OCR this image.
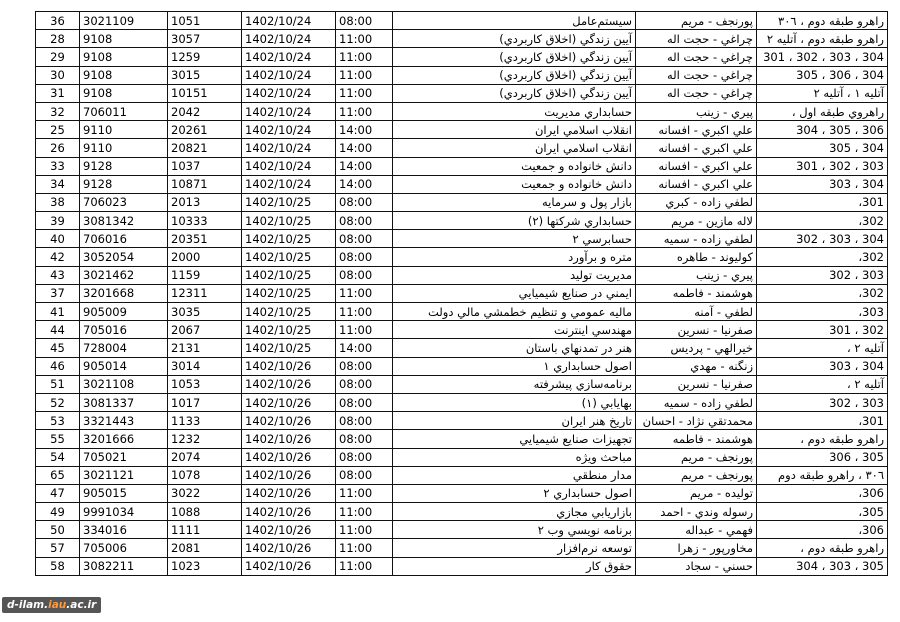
36	3021109	1051	1402/10/24	08:00	سيستم‌عامل	پورنجف - مريم	راهرو طبقه دوم ، ٣٠٦
28	9108	3057	1402/10/24	11:00	آيين زندگي (اخلاق کاربردي)	چراغي - حجت اله	راهرو طبقه دوم ، آتليه ٢
29	9108	1259	1402/10/24	11:00	آيين زندگي (اخلاق کاربردي)	چراغي - حجت اله	304 ، 303 ، 302 ، 301
30	9108	3015	1402/10/24	11:00	آيين زندگي (اخلاق کاربردي)	چراغي - حجت اله	304 ، 306 ، 305
31	9108	10151	1402/10/24	11:00	آيين زندگي (اخلاق کاربردي)	چراغي - حجت اله	آتليه ١ ، آتليه ٢
32	706011	2042	1402/10/24	11:00	حسابداري مديريت	پيري - زينب	راهروي طبقه اول ،
25	9110	20261	1402/10/24	14:00	انقلاب اسلامي ايران	علي اکبري - افسانه	306 ، 305 ، 304
26	9110	20821	1402/10/24	14:00	انقلاب اسلامي ايران	علي اکبري - افسانه	304 ، 305
33	9128	1037	1402/10/24	14:00	دانش خانواده و جمعيت	علي اکبري - افسانه	303 ، 302 ، 301
34	9128	10871	1402/10/24	14:00	دانش خانواده و جمعيت	علي اکبري - افسانه	304 ، 303
38	706023	2013	1402/10/25	08:00	بازار پول و سرمايه	لطفي زاده - کبري	301،
39	3081342	10333	1402/10/25	08:00	حسابداري شرکتها (٢)	لاله مازين - مريم	302،
40	706016	20351	1402/10/25	08:00	حسابرسي ٢	لطفي زاده - سميه	304 ، 303 ، 302
42	3052054	2000	1402/10/25	08:00	متره و برآورد	کوليوند - طاهره	302،
43	3021462	1159	1402/10/25	08:00	مديريت توليد	پيري - زينب	303 ، 302
37	3201668	12311	1402/10/25	11:00	ايمني در صنايع شيميايي	هوشمند - فاطمه	302،
41	905009	3035	1402/10/25	11:00	ماليه عمومي و تنظيم خطمشي مالي دولت	لطفي - آمنه	303،
44	705016	2067	1402/10/25	11:00	مهندسي اينترنت	صفرنيا - نسرين	302 ، 301
45	728004	2131	1402/10/25	14:00	هنر در تمدنهاي باستان	خيرالهي - پرديس	آتليه ٢ ،
46	905014	3014	1402/10/26	08:00	اصول حسابداري ١	زنگنه - مهدي	304 ، 303
51	3021108	1053	1402/10/26	08:00	برنامه‌سازي پيشرفته	صفرنيا - نسرين	آتليه ٢ ،
52	3081337	1017	1402/10/26	08:00	بهايابي (١)	لطفي زاده - سميه	303 ، 302
53	3321443	1133	1402/10/26	08:00	تاريخ هنر ايران	محمدتقي نژاد - احسان	301،
55	3201666	1232	1402/10/26	08:00	تجهيزات صنايع شيميايي	هوشمند - فاطمه	راهرو طبقه دوم ،
54	705021	2074	1402/10/26	08:00	مباحث ويژه	پورنجف - مريم	305 ، 306
65	3021121	1078	1402/10/26	08:00	مدار منطقي	پورنجف - مريم	٣٠٦ ، راهرو طبقه دوم
47	905015	3022	1402/10/26	11:00	اصول حسابداري ٢	توليده - مريم	306،
49	9991034	1088	1402/10/26	11:00	بازاريابي مجازي	رسوله وندي - احمد	305،
50	334016	1111	1402/10/26	11:00	برنامه نويسي وب ٢	فهمي - عبداله	306،
57	705006	2081	1402/10/26	11:00	توسعه نرم‌افزار	مخاورپور - زهرا	راهرو طبقه دوم ،
58	3082211	1023	1402/10/26	11:00	حقوق کار	حسني - سجاد	305 ، 303 ، 304
d-ilam.iau.ac.ir
